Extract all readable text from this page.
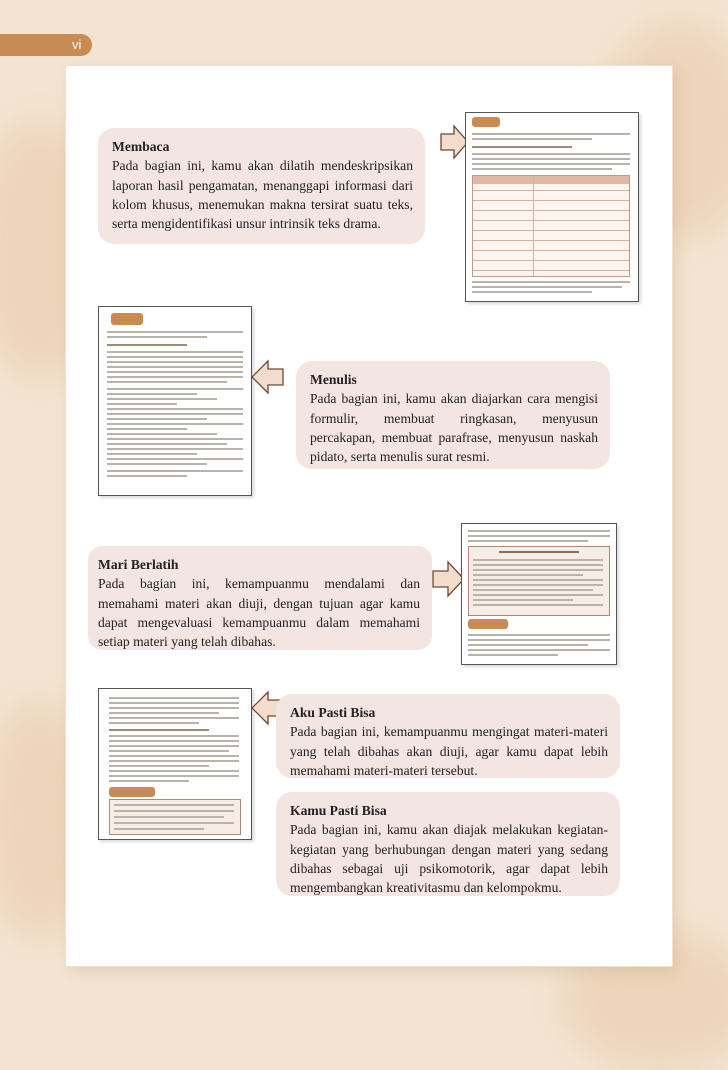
vi
Membaca
Pada bagian ini, kamu akan dilatih mendeskripsikan laporan hasil pengamatan, menanggapi informasi dari kolom khusus, menemukan makna tersirat suatu teks, serta mengidentifikasi unsur intrinsik teks drama.
Menulis
Pada bagian ini, kamu akan diajarkan cara mengisi formulir, membuat ringkasan, menyusun percakapan, membuat parafrase, menyusun naskah pidato, serta menulis surat resmi.
Mari Berlatih
Pada bagian ini, kemampuanmu mendalami dan memahami materi akan diuji, dengan tujuan agar kamu dapat mengevaluasi kemampuanmu dalam memahami setiap materi yang telah dibahas.
Aku Pasti Bisa
Pada bagian ini, kemampuanmu mengingat materi-materi yang telah dibahas akan diuji, agar kamu dapat lebih memahami materi-materi tersebut.
Kamu Pasti Bisa
Pada bagian ini, kamu akan diajak melakukan kegiatan-kegiatan yang berhubungan dengan materi yang sedang dibahas sebagai uji psikomotorik, agar dapat lebih mengembangkan kreativitasmu dan kelompokmu.
